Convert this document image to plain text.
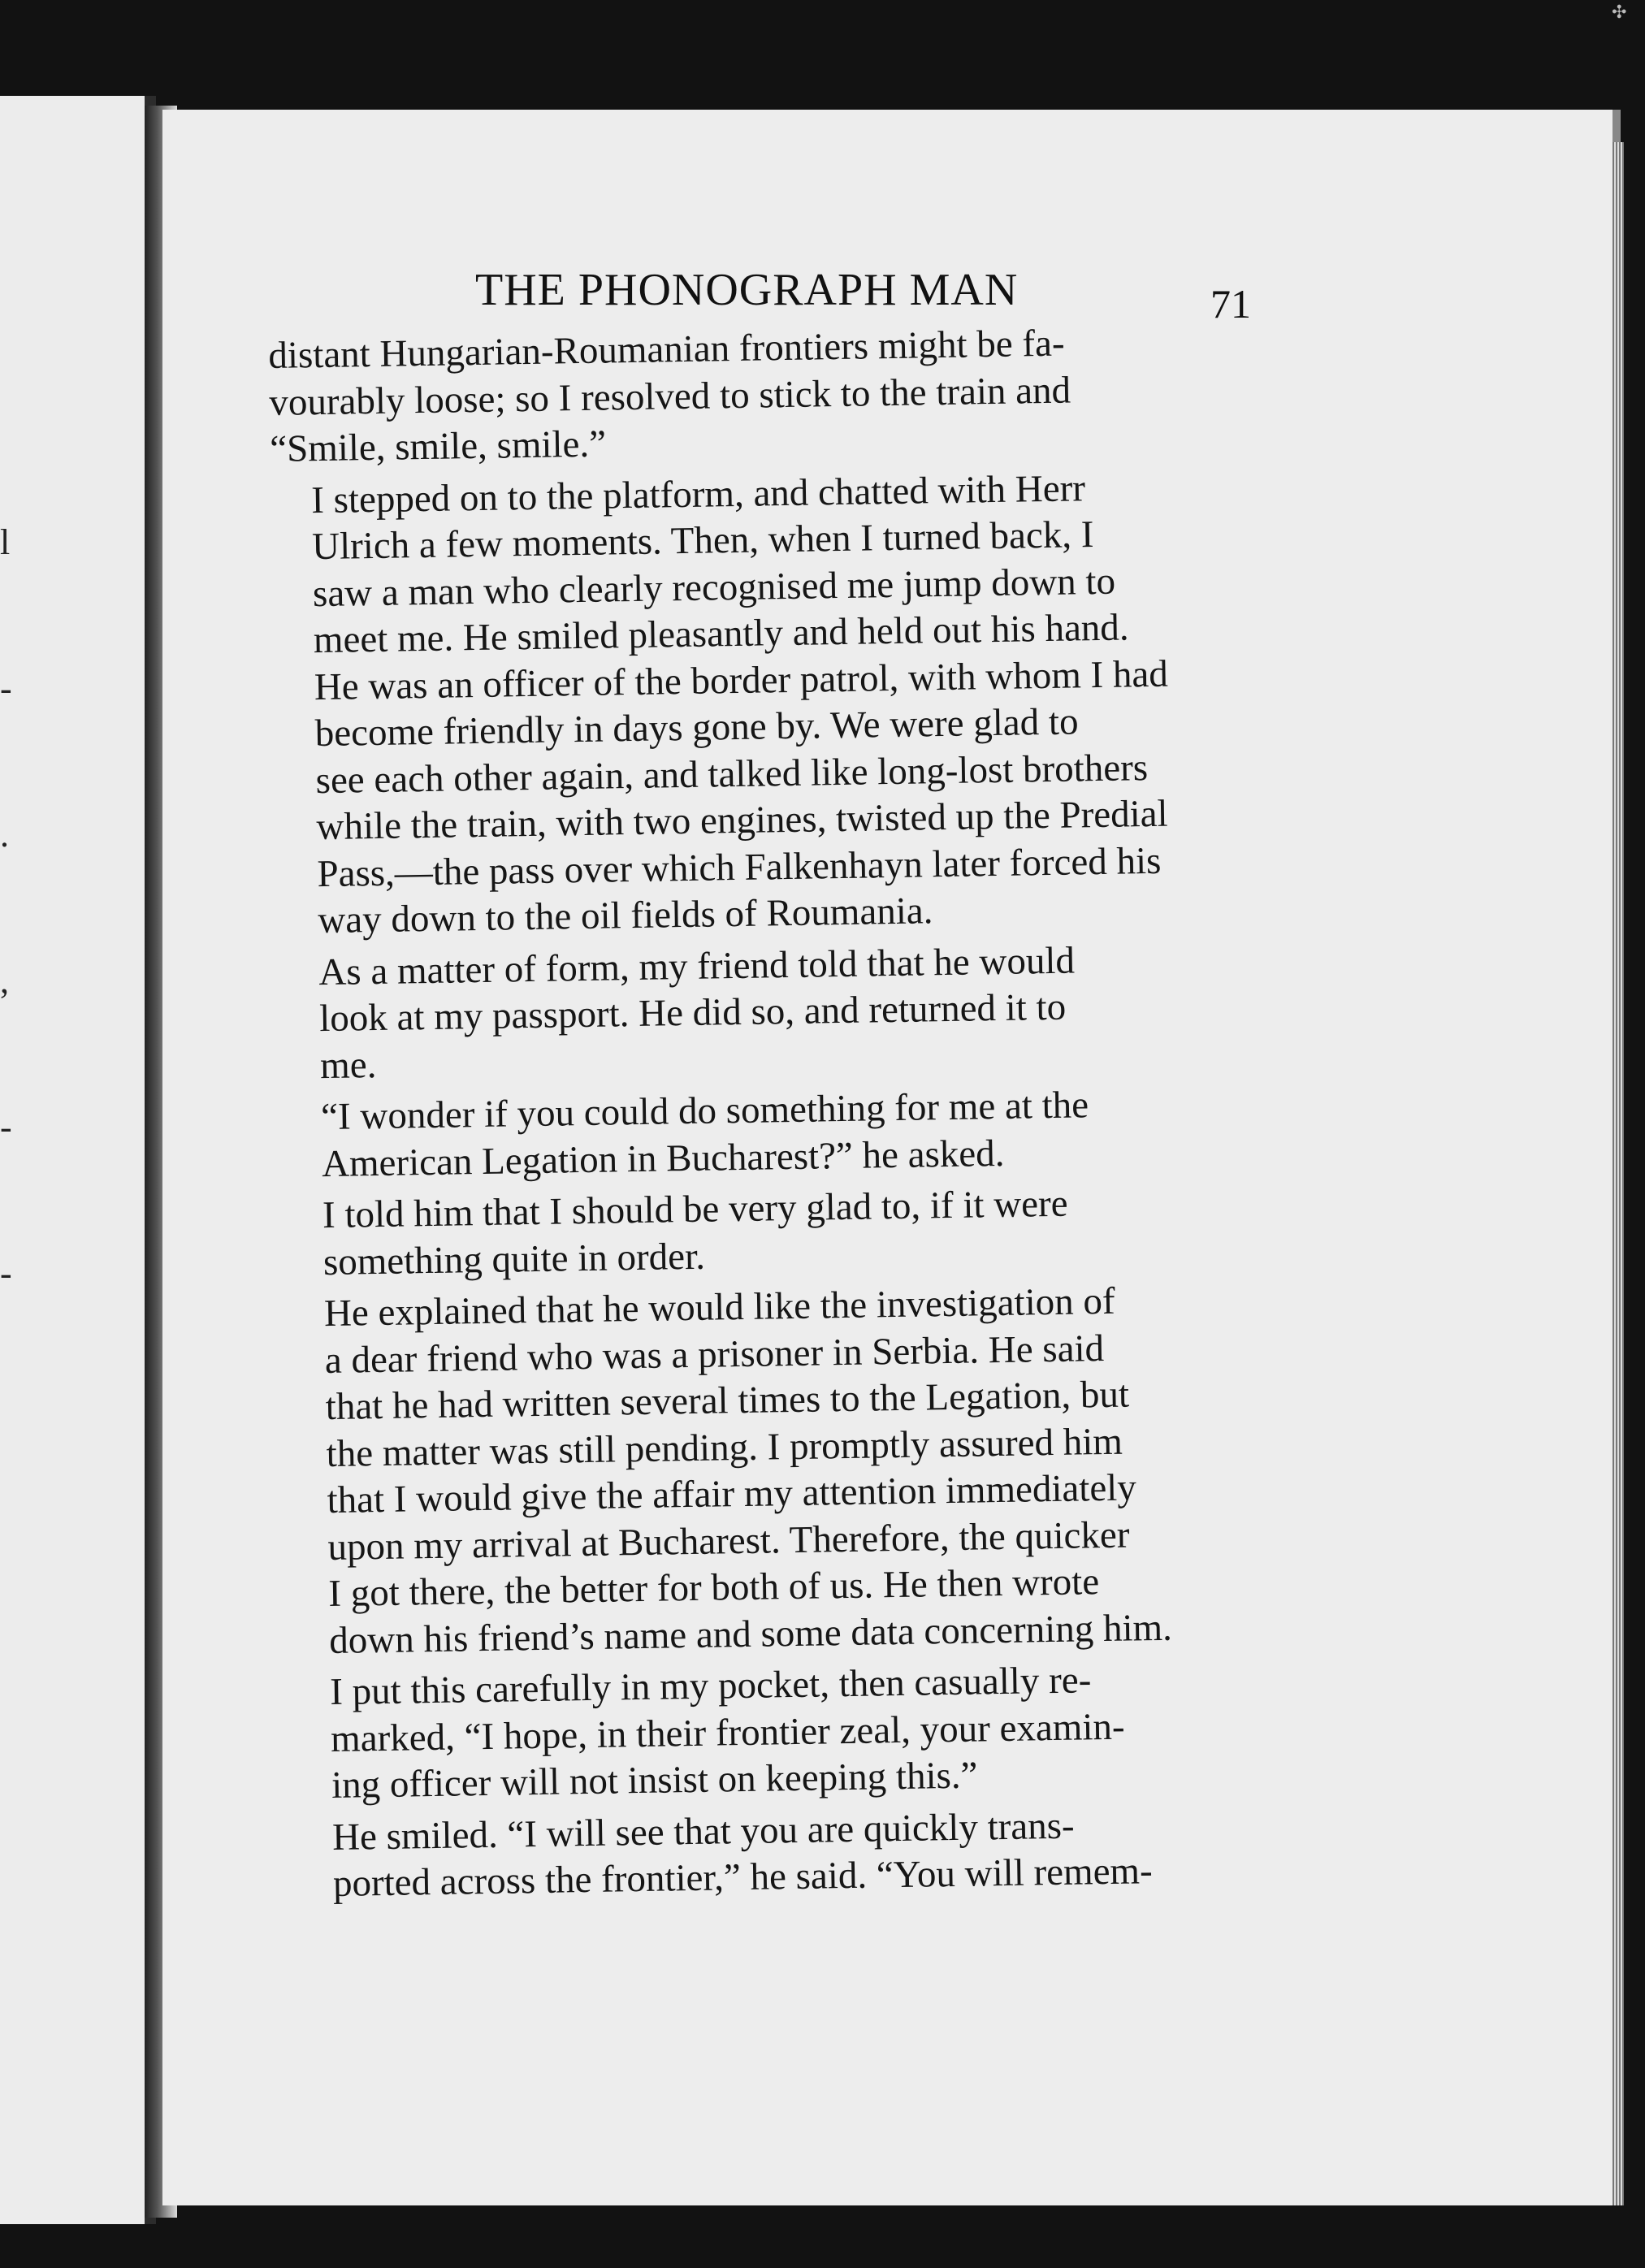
l

-

.

,

-

-

✣
THE PHONOGRAPH MAN	71
distant Hungarian-Roumanian frontiers might be fa-
vourably loose; so I resolved to stick to the train and
“Smile, smile, smile.”
I stepped on to the platform, and chatted with Herr
Ulrich a few moments. Then, when I turned back, I
saw a man who clearly recognised me jump down to
meet me. He smiled pleasantly and held out his hand.
He was an officer of the border patrol, with whom I had
become friendly in days gone by. We were glad to
see each other again, and talked like long-lost brothers
while the train, with two engines, twisted up the Predial
Pass,—the pass over which Falkenhayn later forced his
way down to the oil fields of Roumania.
As a matter of form, my friend told that he would
look at my passport. He did so, and returned it to
me.
“I wonder if you could do something for me at the
American Legation in Bucharest?” he asked.
I told him that I should be very glad to, if it were
something quite in order.
He explained that he would like the investigation of
a dear friend who was a prisoner in Serbia. He said
that he had written several times to the Legation, but
the matter was still pending. I promptly assured him
that I would give the affair my attention immediately
upon my arrival at Bucharest. Therefore, the quicker
I got there, the better for both of us. He then wrote
down his friend’s name and some data concerning him.
I put this carefully in my pocket, then casually re-
marked, “I hope, in their frontier zeal, your examin-
ing officer will not insist on keeping this.”
He smiled. “I will see that you are quickly trans-
ported across the frontier,” he said. “You will remem-
